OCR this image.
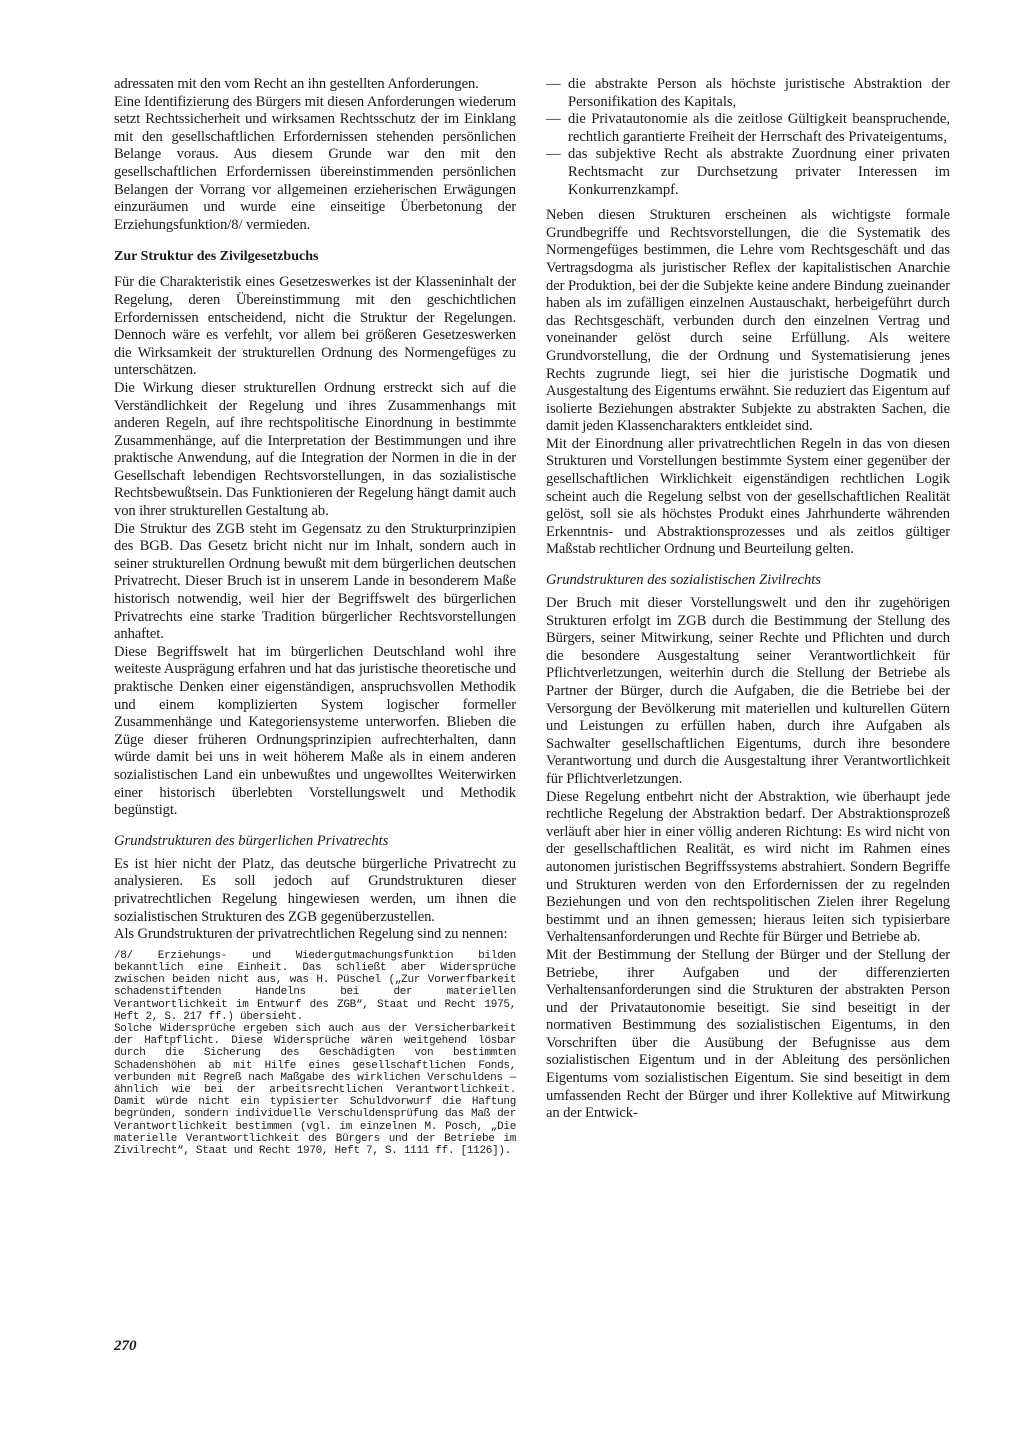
adressaten mit den vom Recht an ihn gestellten Anforderungen.

Eine Identifizierung des Bürgers mit diesen Anforderungen wiederum setzt Rechtssicherheit und wirksamen Rechtsschutz der im Einklang mit den gesellschaftlichen Erfordernissen stehenden persönlichen Belange voraus. Aus diesem Grunde war den mit den gesellschaftlichen Erfordernissen übereinstimmenden persönlichen Belangen der Vorrang vor allgemeinen erzieherischen Erwägungen einzuräumen und wurde eine einseitige Überbetonung der Erziehungsfunktion/8/ vermieden.

Zur Struktur des Zivilgesetzbuchs

Für die Charakteristik eines Gesetzeswerkes ist der Klasseninhalt der Regelung, deren Übereinstimmung mit den geschichtlichen Erfordernissen entscheidend, nicht die Struktur der Regelungen. Dennoch wäre es verfehlt, vor allem bei größeren Gesetzeswerken die Wirksamkeit der strukturellen Ordnung des Normengefüges zu unterschätzen.

Die Wirkung dieser strukturellen Ordnung erstreckt sich auf die Verständlichkeit der Regelung und ihres Zusammenhangs mit anderen Regeln, auf ihre rechtspolitische Einordnung in bestimmte Zusammenhänge, auf die Interpretation der Bestimmungen und ihre praktische Anwendung, auf die Integration der Normen in die in der Gesellschaft lebendigen Rechtsvorstellungen, in das sozialistische Rechtsbewußtsein. Das Funktionieren der Regelung hängt damit auch von ihrer strukturellen Gestaltung ab.

Die Struktur des ZGB steht im Gegensatz zu den Strukturprinzipien des BGB. Das Gesetz bricht nicht nur im Inhalt, sondern auch in seiner strukturellen Ordnung bewußt mit dem bürgerlichen deutschen Privatrecht. Dieser Bruch ist in unserem Lande in besonderem Maße historisch notwendig, weil hier der Begriffswelt des bürgerlichen Privatrechts eine starke Tradition bürgerlicher Rechtsvorstellungen anhaftet.

Diese Begriffswelt hat im bürgerlichen Deutschland wohl ihre weiteste Ausprägung erfahren und hat das juristische theoretische und praktische Denken einer eigenständigen, anspruchsvollen Methodik und einem komplizierten System logischer formeller Zusammenhänge und Kategoriensysteme unterworfen. Blieben die Züge dieser früheren Ordnungsprinzipien aufrechterhalten, dann würde damit bei uns in weit höherem Maße als in einem anderen sozialistischen Land ein unbewußtes und ungewolltes Weiterwirken einer historisch überlebten Vorstellungswelt und Methodik begünstigt.

Grundstrukturen des bürgerlichen Privatrechts

Es ist hier nicht der Platz, das deutsche bürgerliche Privatrecht zu analysieren. Es soll jedoch auf Grundstrukturen dieser privatrechtlichen Regelung hingewiesen werden, um ihnen die sozialistischen Strukturen des ZGB gegenüberzustellen.

Als Grundstrukturen der privatrechtlichen Regelung sind zu nennen:

/8/ Erziehungs- und Wiedergutmachungsfunktion bilden bekanntlich eine Einheit. Das schließt aber Widersprüche zwischen beiden nicht aus, was H. Püschel („Zur Vorwerfbarkeit schadenstiftenden Handelns bei der materiellen Verantwortlichkeit im Entwurf des ZGB“, Staat und Recht 1975, Heft 2, S. 217 ff.) übersieht.

Solche Widersprüche ergeben sich auch aus der Versicherbarkeit der Haftpflicht. Diese Widersprüche wären weitgehend lösbar durch die Sicherung des Geschädigten von bestimmten Schadenshöhen ab mit Hilfe eines gesellschaftlichen Fonds, verbunden mit Regreß nach Maßgabe des wirklichen Verschuldens — ähnlich wie bei der arbeitsrechtlichen Verantwortlichkeit. Damit würde nicht ein typisierter Schuldvorwurf die Haftung begründen, sondern individuelle Verschuldensprüfung das Maß der Verantwortlichkeit bestimmen (vgl. im einzelnen M. Posch, „Die materielle Verantwortlichkeit des Bürgers und der Betriebe im Zivilrecht“, Staat und Recht 1970, Heft 7, S. 1111 ff. [1126]).

— die abstrakte Person als höchste juristische Abstraktion der Personifikation des Kapitals,
— die Privatautonomie als die zeitlose Gültigkeit beanspruchende, rechtlich garantierte Freiheit der Herrschaft des Privateigentums,
— das subjektive Recht als abstrakte Zuordnung einer privaten Rechtsmacht zur Durchsetzung privater Interessen im Konkurrenzkampf.

Neben diesen Strukturen erscheinen als wichtigste formale Grundbegriffe und Rechtsvorstellungen, die die Systematik des Normengefüges bestimmen, die Lehre vom Rechtsgeschäft und das Vertragsdogma als juristischer Reflex der kapitalistischen Anarchie der Produktion, bei der die Subjekte keine andere Bindung zueinander haben als im zufälligen einzelnen Austauschakt, herbeigeführt durch das Rechtsgeschäft, verbunden durch den einzelnen Vertrag und voneinander gelöst durch seine Erfüllung. Als weitere Grundvorstellung, die der Ordnung und Systematisierung jenes Rechts zugrunde liegt, sei hier die juristische Dogmatik und Ausgestaltung des Eigentums erwähnt. Sie reduziert das Eigentum auf isolierte Beziehungen abstrakter Subjekte zu abstrakten Sachen, die damit jeden Klassencharakters entkleidet sind.

Mit der Einordnung aller privatrechtlichen Regeln in das von diesen Strukturen und Vorstellungen bestimmte System einer gegenüber der gesellschaftlichen Wirklichkeit eigenständigen rechtlichen Logik scheint auch die Regelung selbst von der gesellschaftlichen Realität gelöst, soll sie als höchstes Produkt eines Jahrhunderte währenden Erkenntnis- und Abstraktionsprozesses und als zeitlos gültiger Maßstab rechtlicher Ordnung und Beurteilung gelten.

Grundstrukturen des sozialistischen Zivilrechts

Der Bruch mit dieser Vorstellungswelt und den ihr zugehörigen Strukturen erfolgt im ZGB durch die Bestimmung der Stellung des Bürgers, seiner Mitwirkung, seiner Rechte und Pflichten und durch die besondere Ausgestaltung seiner Verantwortlichkeit für Pflichtverletzungen, weiterhin durch die Stellung der Betriebe als Partner der Bürger, durch die Aufgaben, die die Betriebe bei der Versorgung der Bevölkerung mit materiellen und kulturellen Gütern und Leistungen zu erfüllen haben, durch ihre Aufgaben als Sachwalter gesellschaftlichen Eigentums, durch ihre besondere Verantwortung und durch die Ausgestaltung ihrer Verantwortlichkeit für Pflichtverletzungen.

Diese Regelung entbehrt nicht der Abstraktion, wie überhaupt jede rechtliche Regelung der Abstraktion bedarf. Der Abstraktionsprozeß verläuft aber hier in einer völlig anderen Richtung: Es wird nicht von der gesellschaftlichen Realität, es wird nicht im Rahmen eines autonomen juristischen Begriffssystems abstrahiert. Sondern Begriffe und Strukturen werden von den Erfordernissen der zu regelnden Beziehungen und von den rechtspolitischen Zielen ihrer Regelung bestimmt und an ihnen gemessen; hieraus leiten sich typisierbare Verhaltensanforderungen und Rechte für Bürger und Betriebe ab.

Mit der Bestimmung der Stellung der Bürger und der Stellung der Betriebe, ihrer Aufgaben und der differenzierten Verhaltensanforderungen sind die Strukturen der abstrakten Person und der Privatautonomie beseitigt. Sie sind beseitigt in der normativen Bestimmung des sozialistischen Eigentums, in den Vorschriften über die Ausübung der Befugnisse aus dem sozialistischen Eigentum und in der Ableitung des persönlichen Eigentums vom sozialistischen Eigentum. Sie sind beseitigt in dem umfassenden Recht der Bürger und ihrer Kollektive auf Mitwirkung an der Entwick-

270
